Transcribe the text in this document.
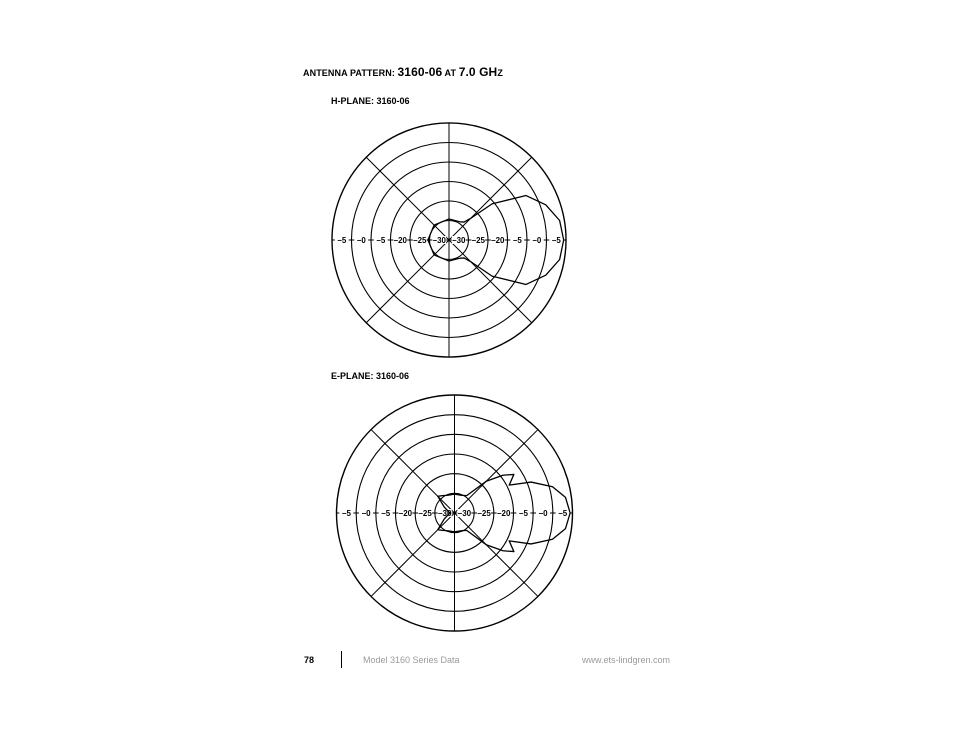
ANTENNA PATTERN: 3160-06 AT 7.0 GHZ
H-PLANE: 3160-06
−5 −0 −5 −20 −25 −30 −30 −25 −20 −5 −0 −5
E-PLANE: 3160-06
−5 −0 −5 −20 −25 −30 −30 −25 −20 −5 −0 −5
78	Model 3160 Series Data	www.ets-lindgren.com
